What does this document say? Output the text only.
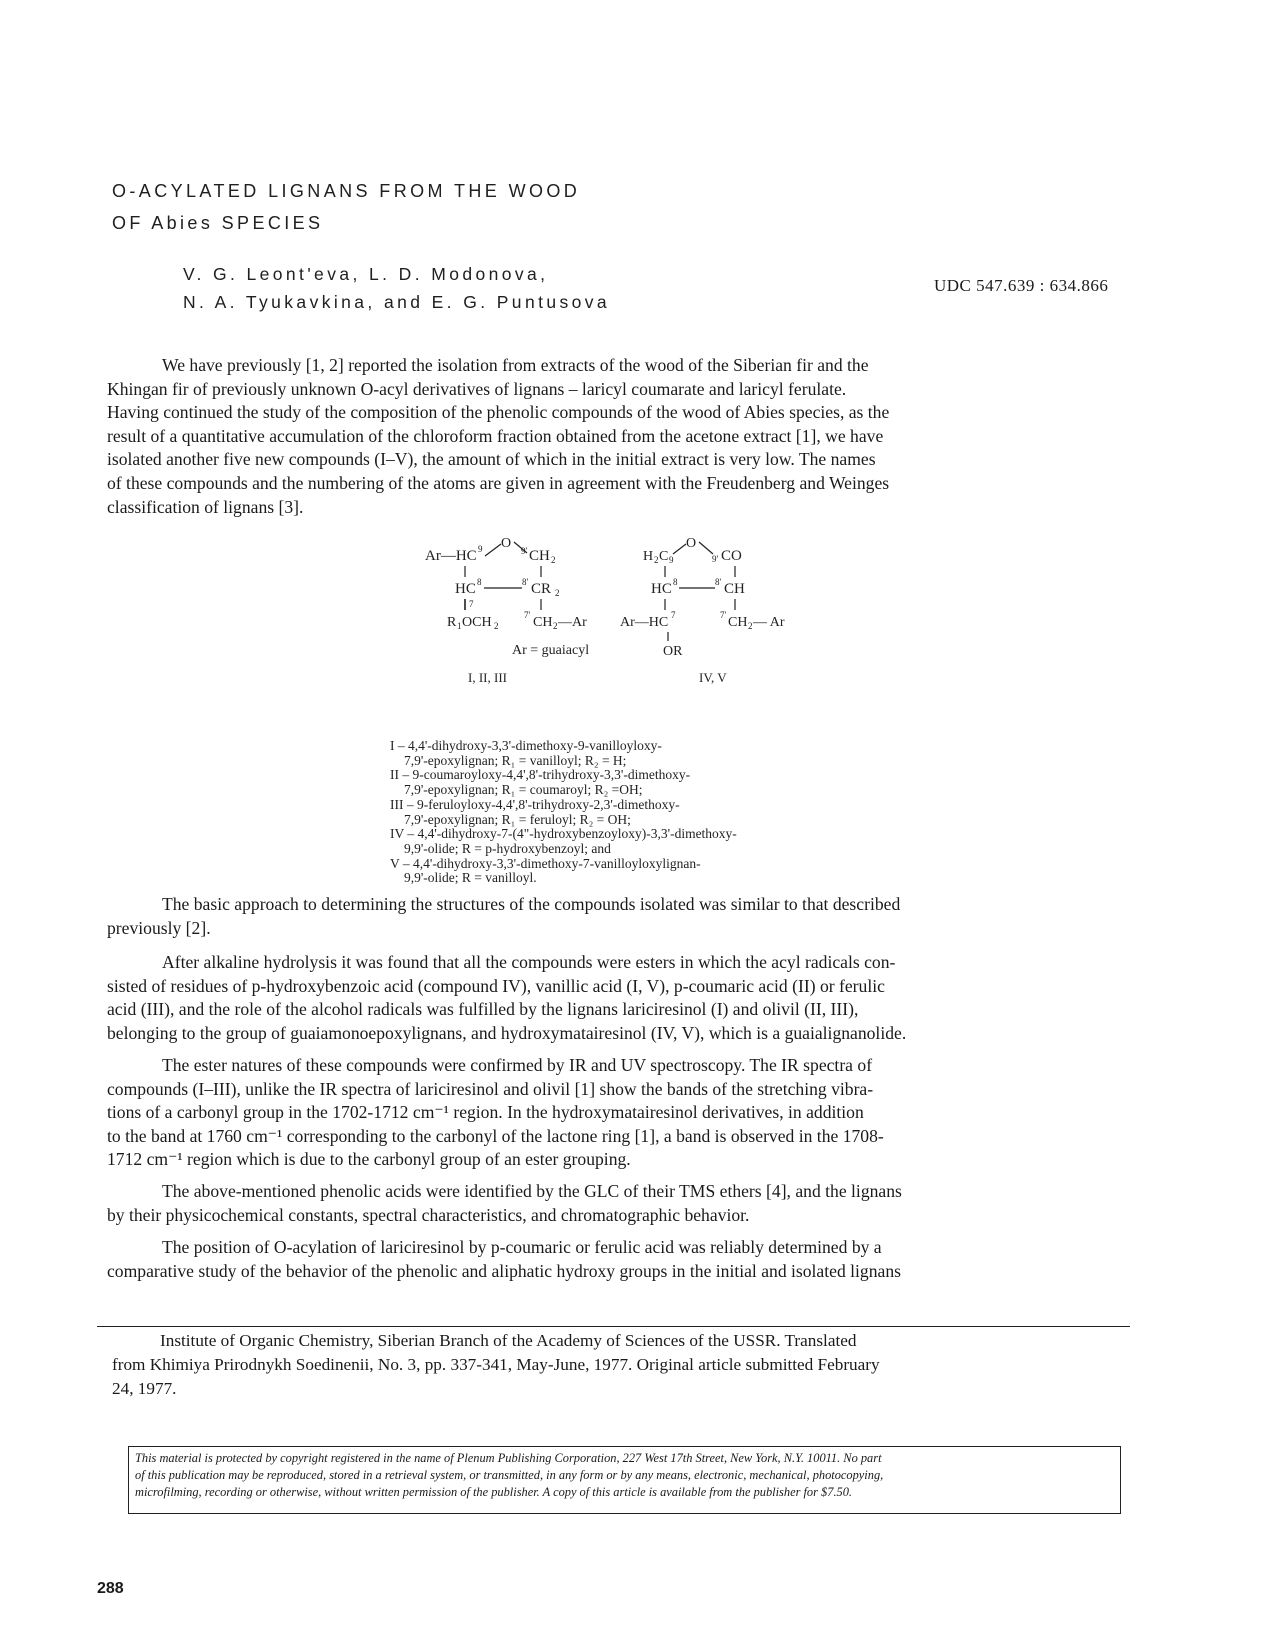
O-ACYLATED LIGNANS FROM THE WOOD
OF Abies SPECIES
V. G. Leont'eva, L. D. Modonova,
N. A. Tyukavkina, and E. G. Puntusova
UDC 547.639 : 634.866
We have previously [1, 2] reported the isolation from extracts of the wood of the Siberian fir and the
Khingan fir of previously unknown O-acyl derivatives of lignans – laricyl coumarate and laricyl ferulate.
Having continued the study of the composition of the phenolic compounds of the wood of Abies species, as the
result of a quantitative accumulation of the chloroform fraction obtained from the acetone extract [1], we have
isolated another five new compounds (I–V), the amount of which in the initial extract is very low. The names
of these compounds and the numbering of the atoms are given in agreement with the Freudenberg and Weinges
classification of lignans [3].
Ar—HC 9 O 9' CH 2
HC 8	8' CR 2
7
R 1 OCH 2
7' CH 2 —Ar
Ar = guaiacyl
I, II, III
H 2 C 9
O
9' CO
HC 8	8' CH
Ar—HC 7	7' CH 2 — Ar
OR
IV, V
I – 4,4'-dihydroxy-3,3'-dimethoxy-9-vanilloyloxy-
7,9'-epoxylignan; R₁ = vanilloyl; R₂ = H;
II – 9-coumaroyloxy-4,4',8'-trihydroxy-3,3'-dimethoxy-
7,9'-epoxylignan; R₁ = coumaroyl; R₂ =OH;
III – 9-feruloyloxy-4,4',8'-trihydroxy-2,3'-dimethoxy-
7,9'-epoxylignan; R₁ = feruloyl; R₂ = OH;
IV – 4,4'-dihydroxy-7-(4"-hydroxybenzoyloxy)-3,3'-dimethoxy-
9,9'-olide; R = p-hydroxybenzoyl; and
V – 4,4'-dihydroxy-3,3'-dimethoxy-7-vanilloyloxylignan-
9,9'-olide; R = vanilloyl.
The basic approach to determining the structures of the compounds isolated was similar to that described
previously [2].
After alkaline hydrolysis it was found that all the compounds were esters in which the acyl radicals con-
sisted of residues of p-hydroxybenzoic acid (compound IV), vanillic acid (I, V), p-coumaric acid (II) or ferulic
acid (III), and the role of the alcohol radicals was fulfilled by the lignans lariciresinol (I) and olivil (II, III),
belonging to the group of guaiamonoepoxylignans, and hydroxymatairesinol (IV, V), which is a guaialignanolide.
The ester natures of these compounds were confirmed by IR and UV spectroscopy. The IR spectra of
compounds (I–III), unlike the IR spectra of lariciresinol and olivil [1] show the bands of the stretching vibra-
tions of a carbonyl group in the 1702-1712 cm⁻¹ region. In the hydroxymatairesinol derivatives, in addition
to the band at 1760 cm⁻¹ corresponding to the carbonyl of the lactone ring [1], a band is observed in the 1708-
1712 cm⁻¹ region which is due to the carbonyl group of an ester grouping.
The above-mentioned phenolic acids were identified by the GLC of their TMS ethers [4], and the lignans
by their physicochemical constants, spectral characteristics, and chromatographic behavior.
The position of O-acylation of lariciresinol by p-coumaric or ferulic acid was reliably determined by a
comparative study of the behavior of the phenolic and aliphatic hydroxy groups in the initial and isolated lignans
Institute of Organic Chemistry, Siberian Branch of the Academy of Sciences of the USSR. Translated
from Khimiya Prirodnykh Soedinenii, No. 3, pp. 337-341, May-June, 1977. Original article submitted February
24, 1977.
This material is protected by copyright registered in the name of Plenum Publishing Corporation, 227 West 17th Street, New York, N.Y. 10011. No part
of this publication may be reproduced, stored in a retrieval system, or transmitted, in any form or by any means, electronic, mechanical, photocopying,
microfilming, recording or otherwise, without written permission of the publisher. A copy of this article is available from the publisher for $7.50.
288
